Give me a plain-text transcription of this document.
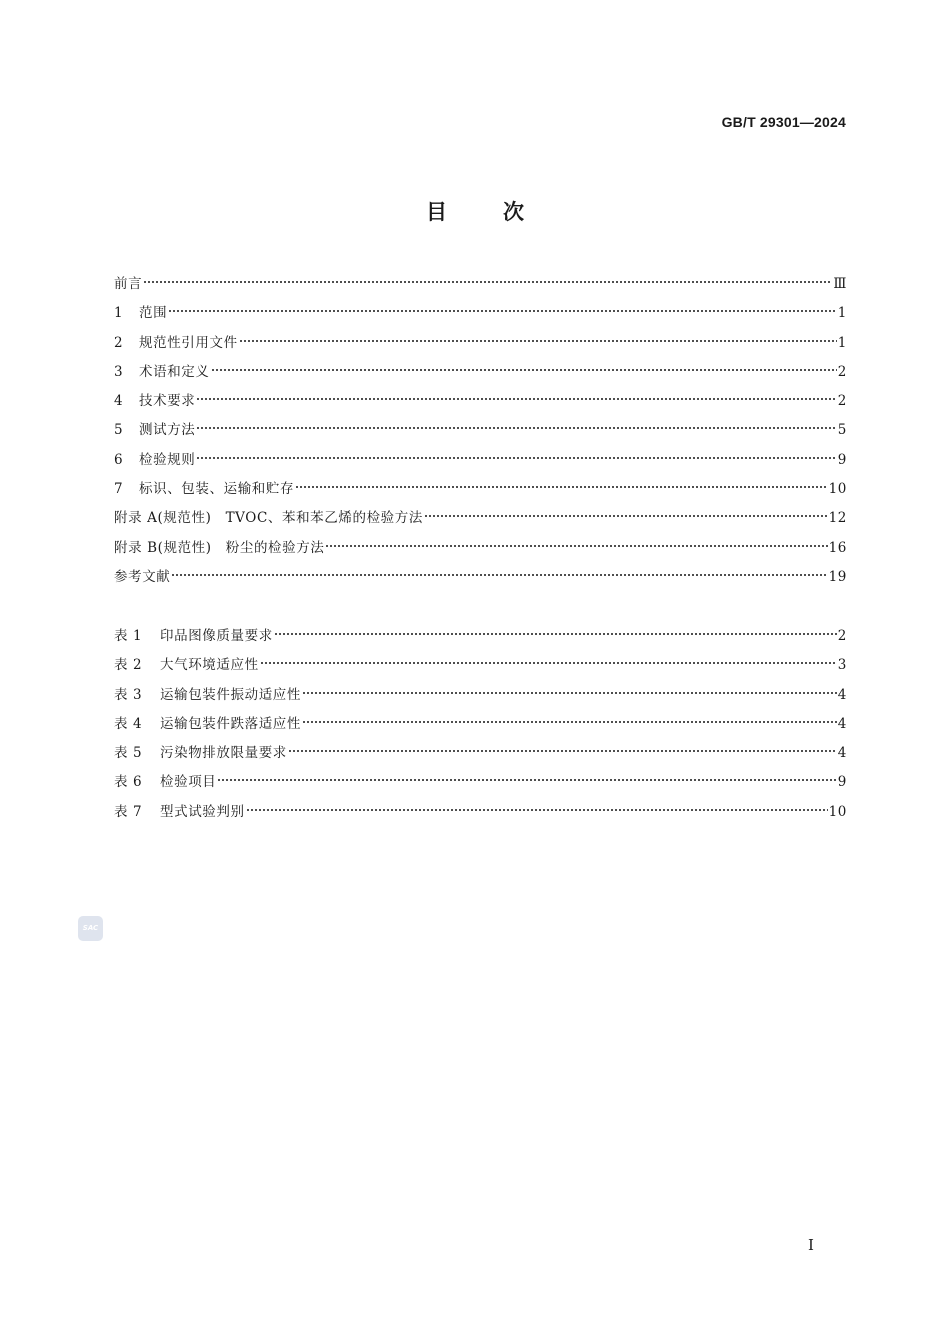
GB/T 29301—2024
目次
前言	Ⅲ
1	范围	1
2	规范性引用文件	1
3	术语和定义	2
4	技术要求	2
5	测试方法	5
6	检验规则	9
7	标识、包装、运输和贮存	10
附录 A(规范性)　TVOC、苯和苯乙烯的检验方法	12
附录 B(规范性)　粉尘的检验方法	16
参考文献	19
表 1	印品图像质量要求	2
表 2	大气环境适应性	3
表 3	运输包装件振动适应性	4
表 4	运输包装件跌落适应性	4
表 5	污染物排放限量要求	4
表 6	检验项目	9
表 7	型式试验判别	10
SAC
I
